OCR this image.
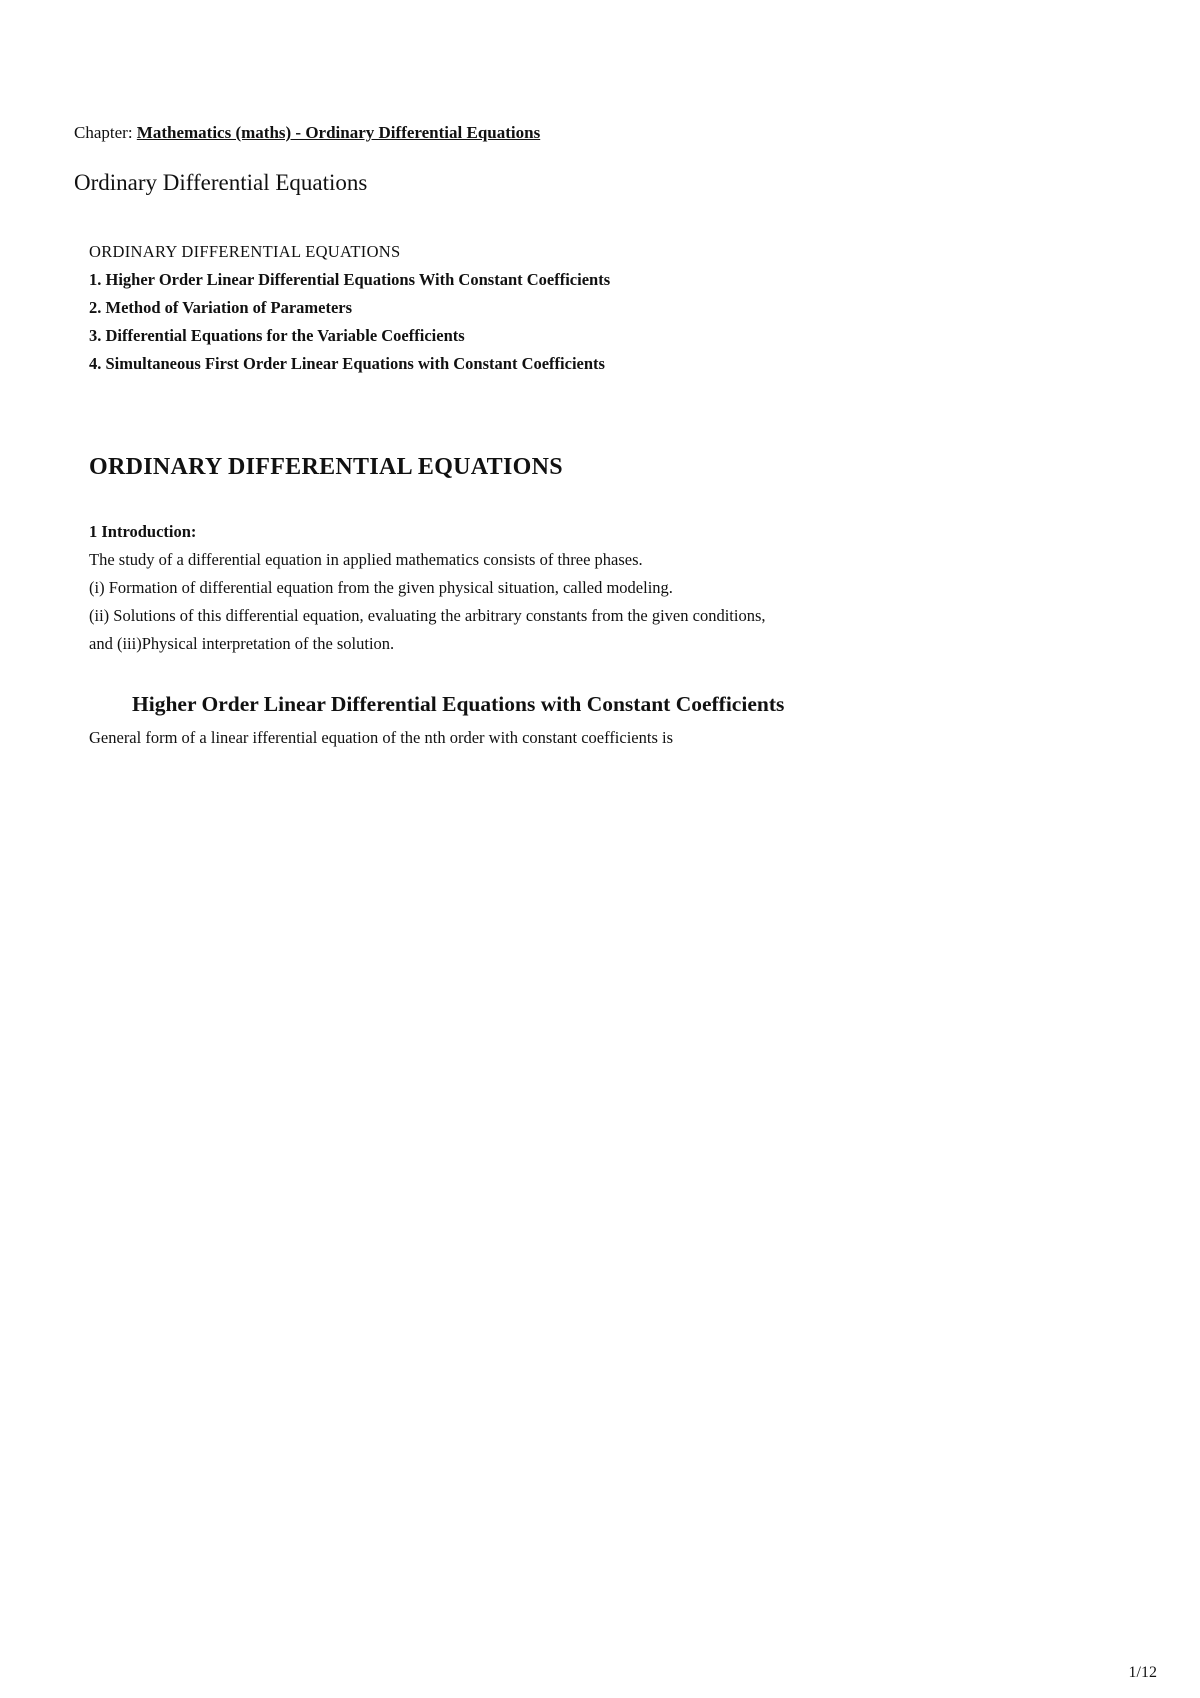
Chapter: Mathematics (maths) - Ordinary Differential Equations
Ordinary Differential Equations
ORDINARY DIFFERENTIAL EQUATIONS
1. Higher Order Linear Differential Equations With Constant Coefficients
2. Method of Variation of Parameters
3. Differential Equations for the Variable Coefficients
4. Simultaneous First Order Linear Equations with Constant Coefficients
ORDINARY DIFFERENTIAL EQUATIONS
1 Introduction:
The study of a differential equation in applied mathematics consists of three phases.
(i) Formation of differential equation from the given physical situation, called modeling.
(ii) Solutions of this differential equation, evaluating the arbitrary constants from the given conditions,
and (iii)Physical interpretation of the solution.
Higher Order Linear Differential Equations with Constant Coefficients
General form of a linear ifferential equation of the nth order with constant coefficients is
1/12
